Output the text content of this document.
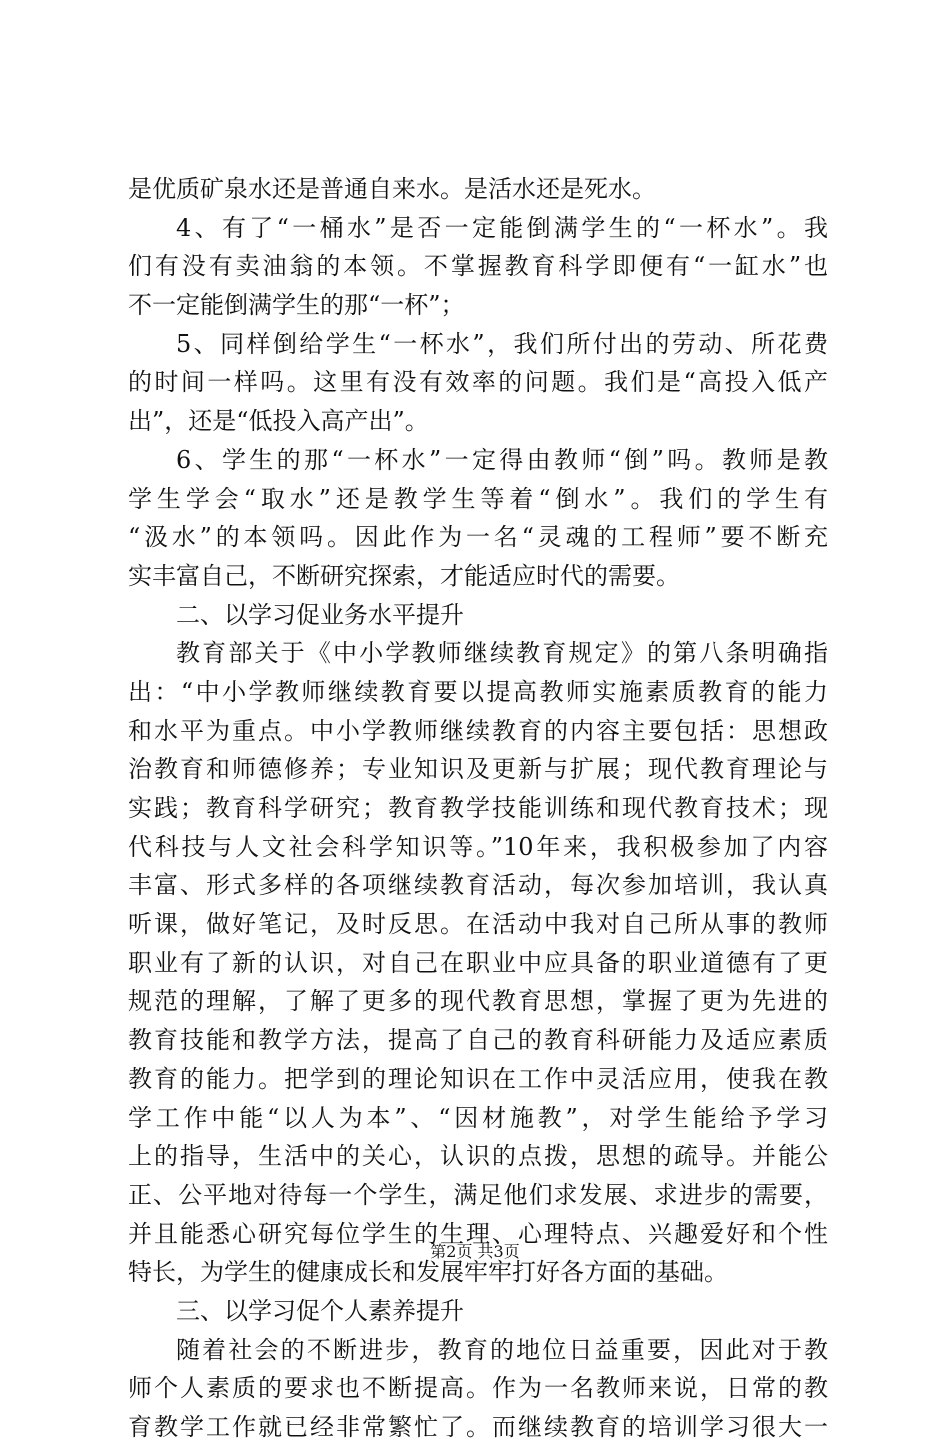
是优质矿泉水还是普通自来水。是活水还是死水。
4、有了“一桶水”是否一定能倒满学生的“一杯水”。我
们有没有卖油翁的本领。不掌握教育科学即便有“一缸水”也
不一定能倒满学生的那“一杯”；
5、同样倒给学生“一杯水”，我们所付出的劳动、所花费
的时间一样吗。这里有没有效率的问题。我们是“高投入低产
出”，还是“低投入高产出”。
6、学生的那“一杯水”一定得由教师“倒”吗。教师是教
学生学会“取水”还是教学生等着“倒水”。我们的学生有
“汲水”的本领吗。因此作为一名“灵魂的工程师”要不断充
实丰富自己，不断研究探索，才能适应时代的需要。
二、以学习促业务水平提升
教育部关于《中小学教师继续教育规定》的第八条明确指
出：“中小学教师继续教育要以提高教师实施素质教育的能力
和水平为重点。中小学教师继续教育的内容主要包括：思想政
治教育和师德修养；专业知识及更新与扩展；现代教育理论与
实践；教育科学研究；教育教学技能训练和现代教育技术；现
代科技与人文社会科学知识等。”10年来，我积极参加了内容
丰富、形式多样的各项继续教育活动，每次参加培训，我认真
听课，做好笔记，及时反思。在活动中我对自己所从事的教师
职业有了新的认识，对自己在职业中应具备的职业道德有了更
规范的理解，了解了更多的现代教育思想，掌握了更为先进的
教育技能和教学方法，提高了自己的教育科研能力及适应素质
教育的能力。把学到的理论知识在工作中灵活应用，使我在教
学工作中能“以人为本”、“因材施教”，对学生能给予学习
上的指导，生活中的关心，认识的点拨，思想的疏导。并能公
正、公平地对待每一个学生，满足他们求发展、求进步的需要，
并且能悉心研究每位学生的生理、心理特点、兴趣爱好和个性
特长，为学生的健康成长和发展牢牢打好各方面的基础。
三、以学习促个人素养提升
随着社会的不断进步，教育的地位日益重要，因此对于教
师个人素质的要求也不断提高。作为一名教师来说，日常的教
育教学工作就已经非常繁忙了。而继续教育的培训学习很大一
第2页 共3页
